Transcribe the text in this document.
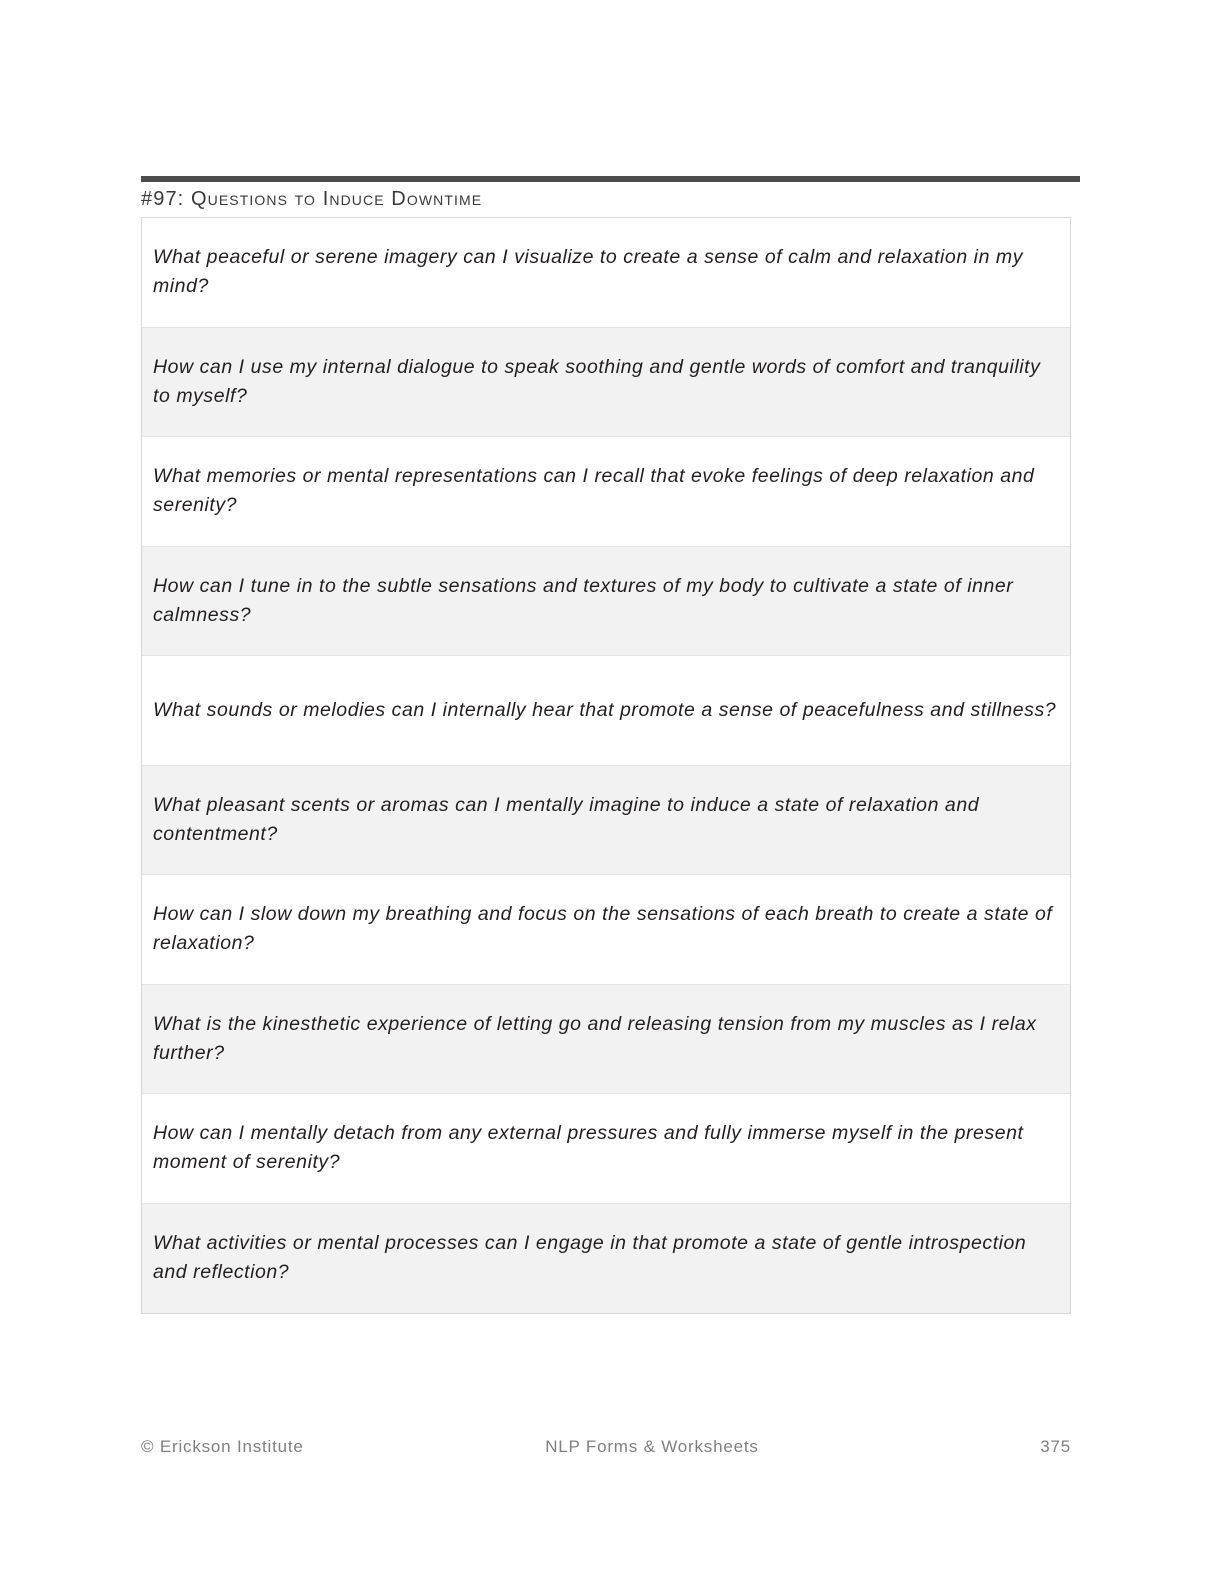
#97: Questions to Induce Downtime
What peaceful or serene imagery can I visualize to create a sense of calm and relaxation in my mind?
How can I use my internal dialogue to speak soothing and gentle words of comfort and tranquility to myself?
What memories or mental representations can I recall that evoke feelings of deep relaxation and serenity?
How can I tune in to the subtle sensations and textures of my body to cultivate a state of inner calmness?
What sounds or melodies can I internally hear that promote a sense of peacefulness and stillness?
What pleasant scents or aromas can I mentally imagine to induce a state of relaxation and contentment?
How can I slow down my breathing and focus on the sensations of each breath to create a state of relaxation?
What is the kinesthetic experience of letting go and releasing tension from my muscles as I relax further?
How can I mentally detach from any external pressures and fully immerse myself in the present moment of serenity?
What activities or mental processes can I engage in that promote a state of gentle introspection and reflection?
© Erickson Institute	NLP Forms & Worksheets	375
